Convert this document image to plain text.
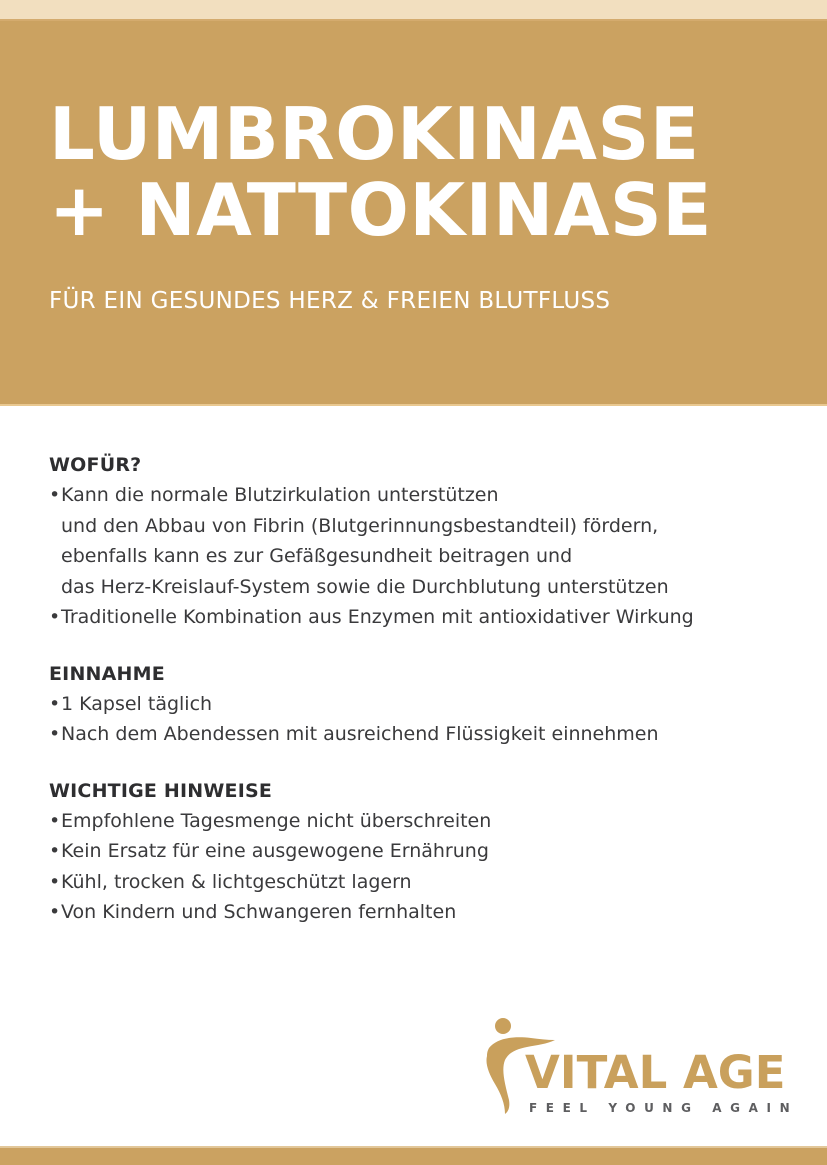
LUMBROKINASE
+ NATTOKINASE

FÜR EIN GESUNDES HERZ & FREIEN BLUTFLUSS

WOFÜR?
• Kann die normale Blutzirkulation unterstützen
und den Abbau von Fibrin (Blutgerinnungsbestandteil) fördern,
ebenfalls kann es zur Gefäßgesundheit beitragen und
das Herz-Kreislauf-System sowie die Durchblutung unterstützen
• Traditionelle Kombination aus Enzymen mit antioxidativer Wirkung
EINNAHME
• 1 Kapsel täglich
• Nach dem Abendessen mit ausreichend Flüssigkeit einnehmen
WICHTIGE HINWEISE
• Empfohlene Tagesmenge nicht überschreiten
• Kein Ersatz für eine ausgewogene Ernährung
• Kühl, trocken & lichtgeschützt lagern
• Von Kindern und Schwangeren fernhalten
VITAL AGE
FEEL YOUNG AGAIN
